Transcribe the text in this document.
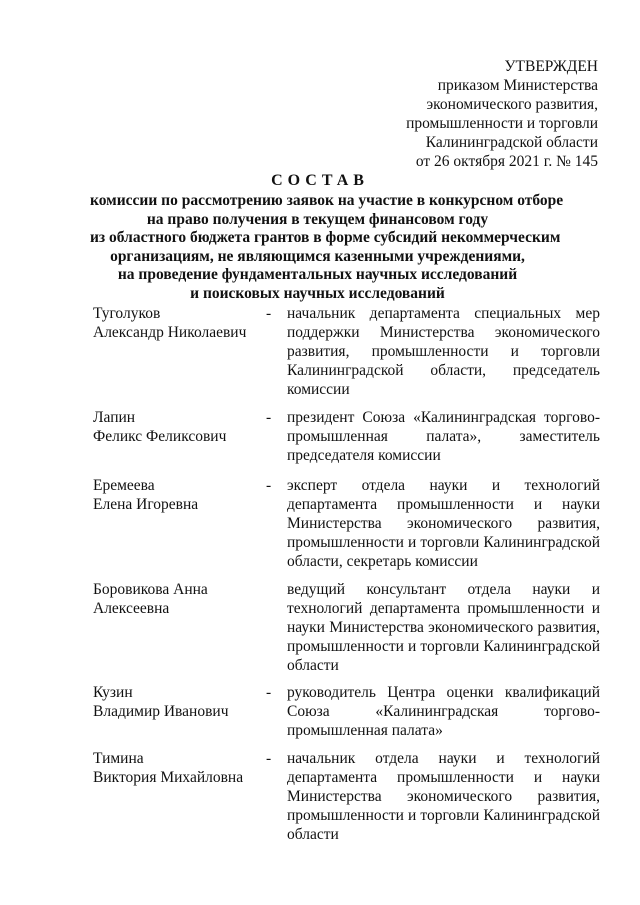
УТВЕРЖДЕН
приказом Министерства
экономического развития,
промышленности и торговли
Калининградской области
от 26 октября 2021 г. № 145
СОСТАВ
комиссии по рассмотрению заявок на участие в конкурсном отборе
на право получения в текущем финансовом году
из областного бюджета грантов в форме субсидий некоммерческим
организациям, не являющимся казенными учреждениями,
на проведение фундаментальных научных исследований
и поисковых научных исследований
Туголуков
Александр Николаевич
- начальник департамента специальных мер поддержки Министерства экономического развития, промышленности и торговли Калининградской области, председатель комиссии
Лапин
Феликс Феликсович
- президент Союза «Калининградская торгово-промышленная палата», заместитель председателя комиссии
Еремеева
Елена Игоревна
- эксперт отдела науки и технологий департамента промышленности и науки Министерства экономического развития, промышленности и торговли Калининградской области, секретарь комиссии
Боровикова Анна
Алексеевна
ведущий консультант отдела науки и технологий департамента промышленности и науки Министерства экономического развития, промышленности и торговли Калининградской области
Кузин
Владимир Иванович
- руководитель Центра оценки квалификаций Союза «Калининградская торгово-промышленная палата»
Тимина
Виктория Михайловна
- начальник отдела науки и технологий департамента промышленности и науки Министерства экономического развития, промышленности и торговли Калининградской области
